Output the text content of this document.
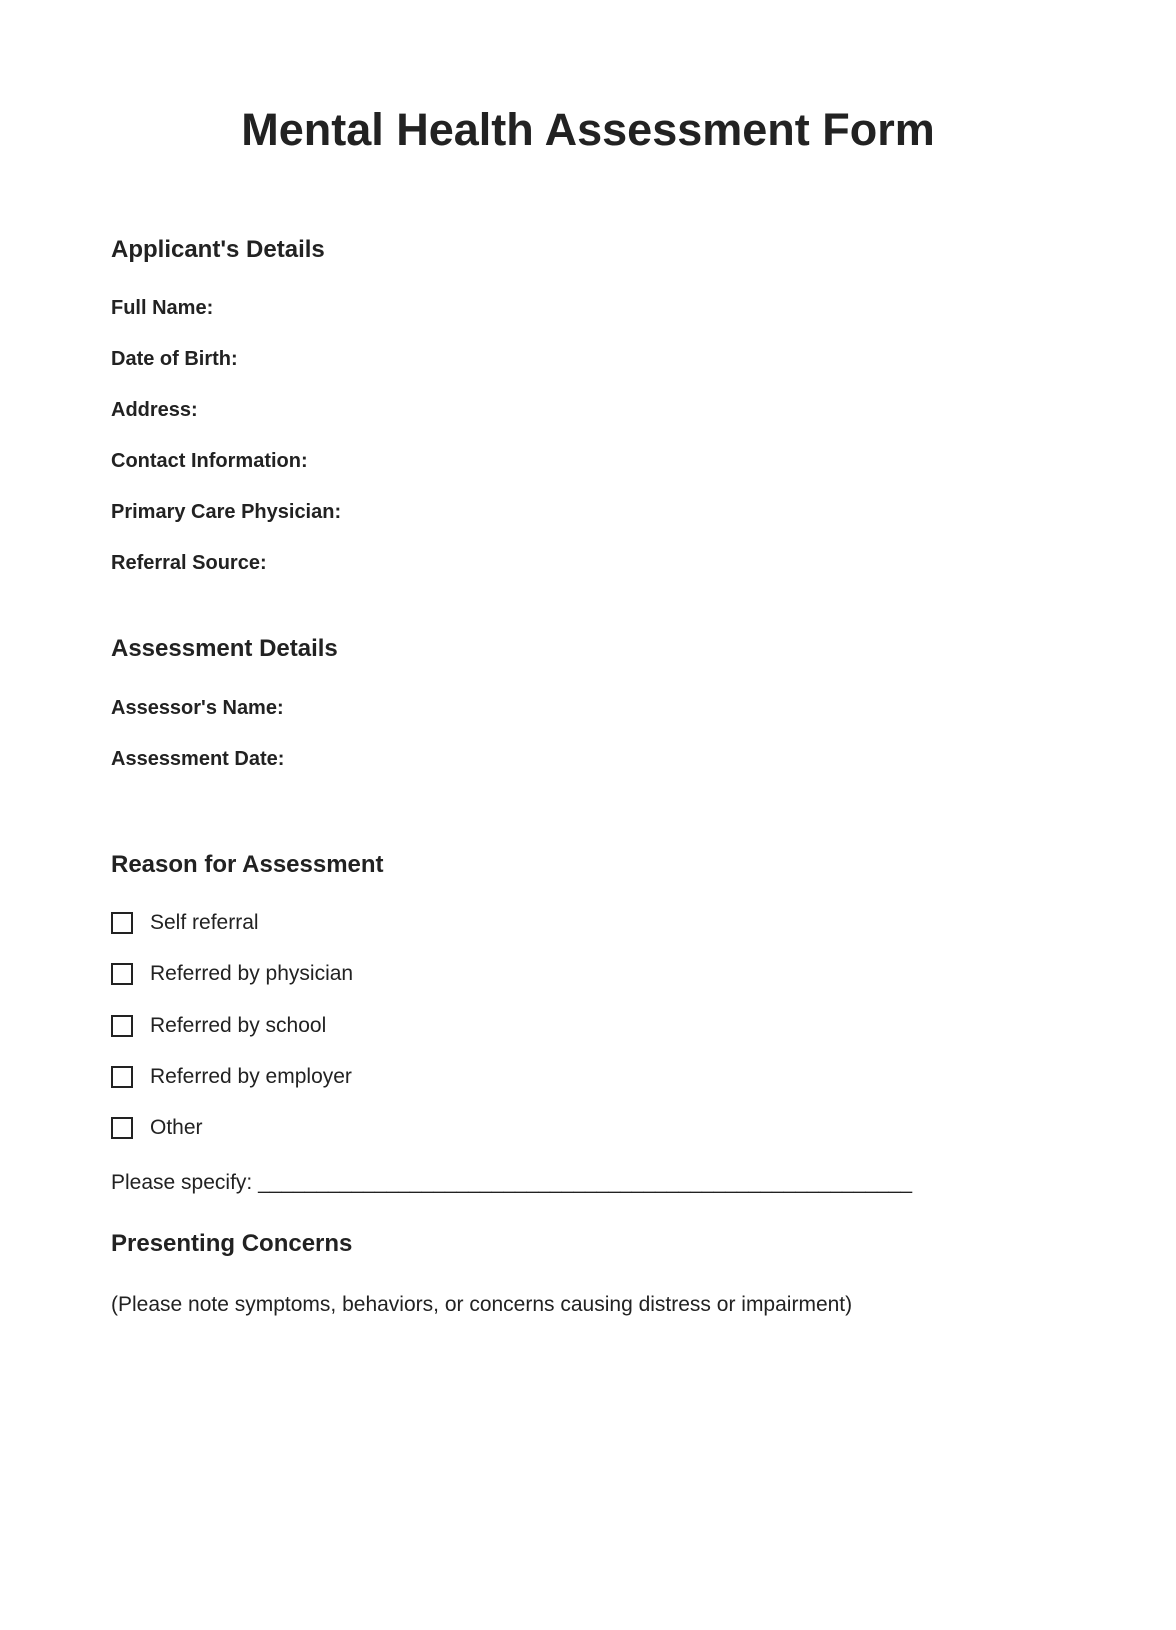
Mental Health Assessment Form
Applicant's Details
Full Name:
Date of Birth:
Address:
Contact Information:
Primary Care Physician:
Referral Source:
Assessment Details
Assessor's Name:
Assessment Date:
Reason for Assessment
Self referral
Referred by physician
Referred by school
Referred by employer
Other
Please specify: ________________________________________________________
Presenting Concerns
(Please note symptoms, behaviors, or concerns causing distress or impairment)
